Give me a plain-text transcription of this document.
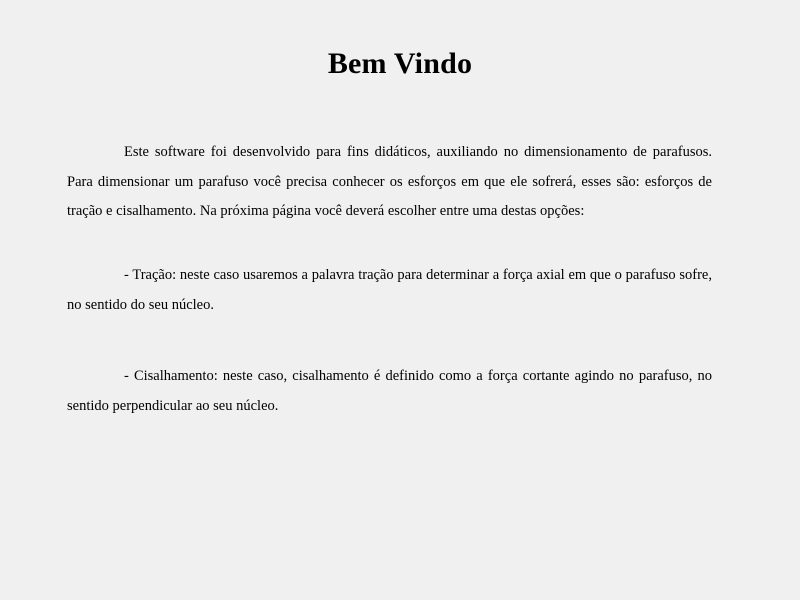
Bem Vindo

Este software foi desenvolvido para fins didáticos, auxiliando no dimensionamento de parafusos. Para dimensionar um parafuso você precisa conhecer os esforços em que ele sofrerá, esses são: esforços de tração e cisalhamento. Na próxima página você deverá escolher entre uma destas opções:

- Tração: neste caso usaremos a palavra tração para determinar a força axial em que o parafuso sofre, no sentido do seu núcleo.

- Cisalhamento: neste caso, cisalhamento é definido como a força cortante agindo no parafuso, no sentido perpendicular ao seu núcleo.
